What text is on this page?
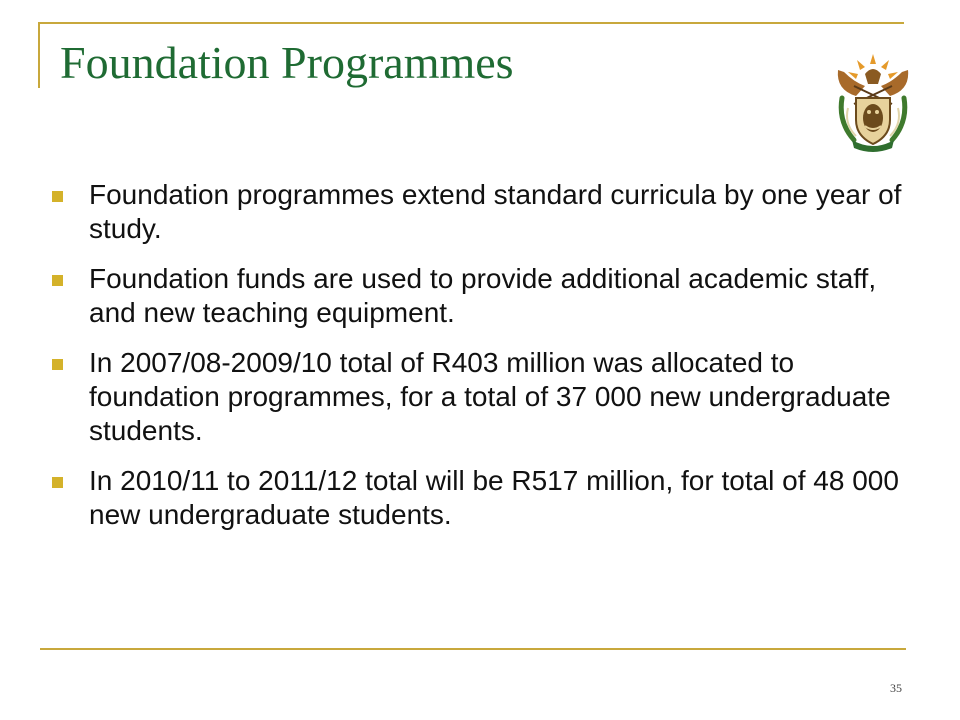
Foundation Programmes
Foundation programmes extend standard curricula by one year of study.
Foundation funds are used to provide additional academic staff, and new teaching equipment.
In 2007/08-2009/10 total of R403 million was allocated to foundation programmes, for a total of 37 000 new undergraduate students.
In 2010/11 to 2011/12 total will be R517 million, for total of 48 000 new undergraduate students.
35
